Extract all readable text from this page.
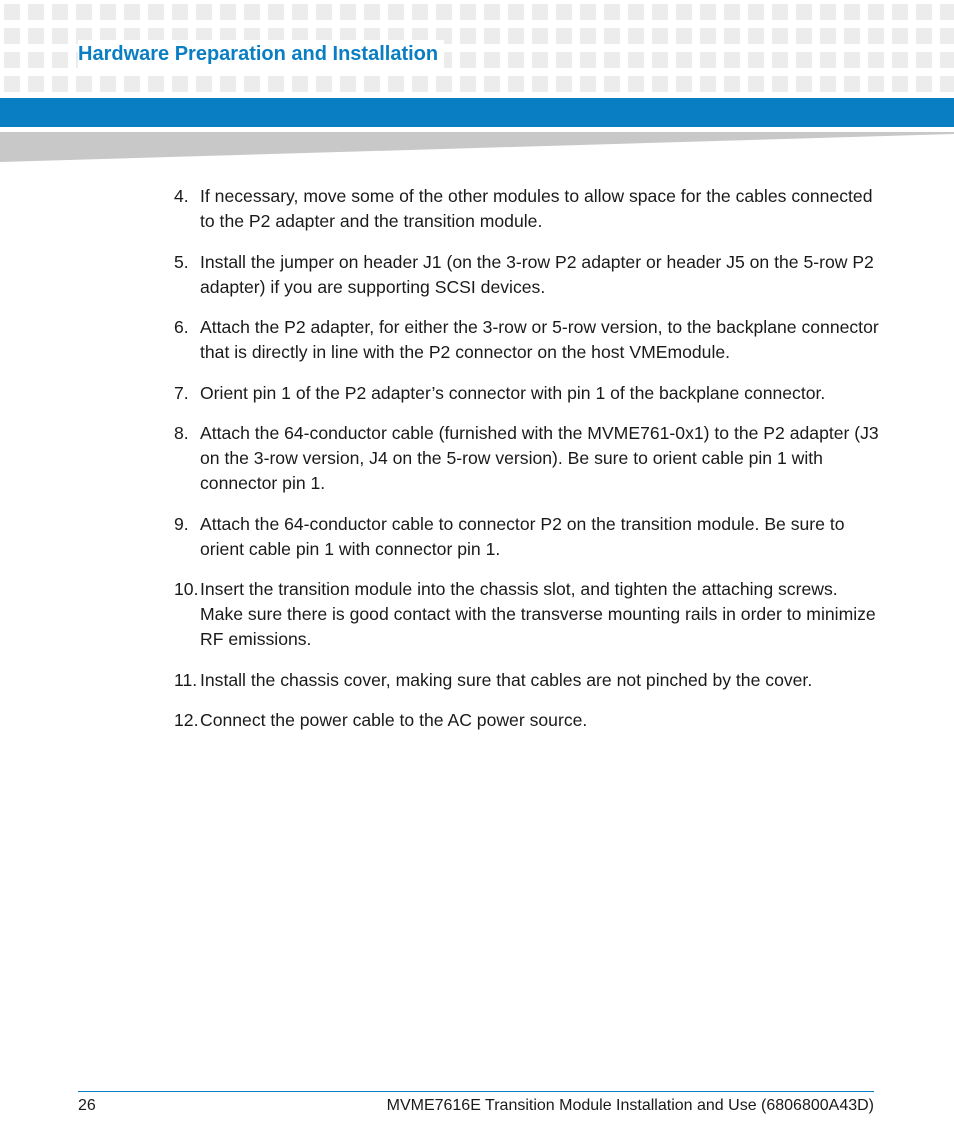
Hardware Preparation and Installation
4. If necessary, move some of the other modules to allow space for the cables connected to the P2 adapter and the transition module.
5. Install the jumper on header J1 (on the 3-row P2 adapter or header J5 on the 5-row P2 adapter) if you are supporting SCSI devices.
6. Attach the P2 adapter, for either the 3-row or 5-row version, to the backplane connector that is directly in line with the P2 connector on the host VMEmodule.
7. Orient pin 1 of the P2 adapter’s connector with pin 1 of the backplane connector.
8. Attach the 64-conductor cable (furnished with the MVME761-0x1) to the P2 adapter (J3 on the 3-row version, J4 on the 5-row version). Be sure to orient cable pin 1 with connector pin 1.
9. Attach the 64-conductor cable to connector P2 on the transition module. Be sure to orient cable pin 1 with connector pin 1.
10. Insert the transition module into the chassis slot, and tighten the attaching screws. Make sure there is good contact with the transverse mounting rails in order to minimize RF emissions.
11. Install the chassis cover, making sure that cables are not pinched by the cover.
12. Connect the power cable to the AC power source.
26	MVME7616E Transition Module Installation and Use (6806800A43D)
